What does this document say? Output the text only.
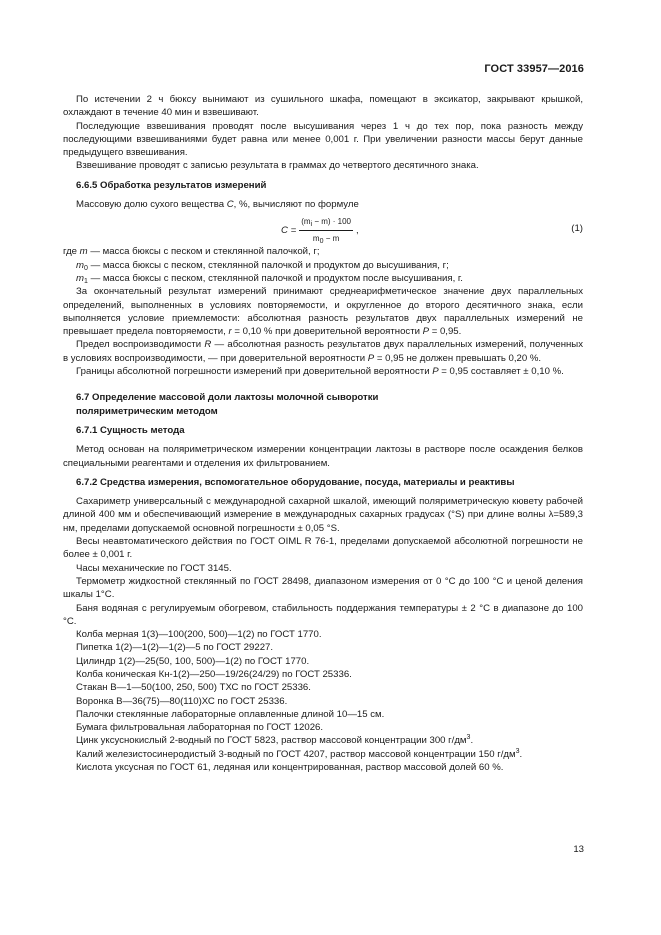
ГОСТ 33957—2016

По истечении 2 ч бюксу вынимают из сушильного шкафа, помещают в эксикатор, закрывают крышкой, охлаждают в течение 40 мин и взвешивают.

Последующие взвешивания проводят после высушивания через 1 ч до тех пор, пока разность между последующими взвешиваниями будет равна или менее 0,001 г. При увеличении разности массы берут данные предыдущего взвешивания.

Взвешивание проводят с записью результата в граммах до четвертого десятичного знака.

6.6.5 Обработка результатов измерений

Массовую долю сухого вещества C, %, вычисляют по формуле

$C = \frac{(m_i - m) \cdot 100}{m_0 - m}$ ,	(1)

где m — масса бюксы с песком и стеклянной палочкой, г;

$m_0$ — масса бюксы с песком, стеклянной палочкой и продуктом до высушивания, г;

$m_1$ — масса бюксы с песком, стеклянной палочкой и продуктом после высушивания, г.

За окончательный результат измерений принимают среднеарифметическое значение двух параллельных определений, выполненных в условиях повторяемости, и округленное до второго десятичного знака, если выполняется условие приемлемости: абсолютная разность результатов двух параллельных измерений не превышает предела повторяемости, r = 0,10 % при доверительной вероятности P = 0,95.

Предел воспроизводимости R — абсолютная разность результатов двух параллельных измерений, полученных в условиях воспроизводимости, — при доверительной вероятности P = 0,95 не должен превышать 0,20 %.

Границы абсолютной погрешности измерений при доверительной вероятности P = 0,95 составляет ± 0,10 %.

6.7 Определение массовой доли лактозы молочной сыворотки
поляриметрическим методом
6.7.1 Сущность метода

Метод основан на поляриметрическом измерении концентрации лактозы в растворе после осаждения белков специальными реагентами и отделения их фильтрованием.

6.7.2 Средства измерения, вспомогательное оборудование, посуда, материалы и реактивы

Сахариметр универсальный с международной сахарной шкалой, имеющий поляриметрическую кювету рабочей длиной 400 мм и обеспечивающий измерение в международных сахарных градусах (°S) при длине волны λ=589,3 нм, пределами допускаемой основной погрешности ± 0,05 °S.

Весы неавтоматического действия по ГОСТ OIML R 76-1, пределами допускаемой абсолютной погрешности не более ± 0,001 г.

Часы механические по ГОСТ 3145.

Термометр жидкостной стеклянный по ГОСТ 28498, диапазоном измерения от 0 °С до 100 °С и ценой деления шкалы 1°С.

Баня водяная с регулируемым обогревом, стабильность поддержания температуры ± 2 °С в диапазоне до 100 °С.

Колба мерная 1(3)—100(200, 500)—1(2) по ГОСТ 1770.

Пипетка 1(2)—1(2)—1(2)—5 по ГОСТ 29227.

Цилиндр 1(2)—25(50, 100, 500)—1(2) по ГОСТ 1770.

Колба коническая Кн-1(2)—250—19/26(24/29) по ГОСТ 25336.

Стакан В—1—50(100, 250, 500) ТХС по ГОСТ 25336.

Воронка В—36(75)—80(110)ХС по ГОСТ 25336.

Палочки стеклянные лабораторные оплавленные длиной 10—15 см.

Бумага фильтровальная лабораторная по ГОСТ 12026.

Цинк уксуснокислый 2-водный по ГОСТ 5823, раствор массовой концентрации 300 $г/дм^3$.

Калий железистосинеродистый 3-водный по ГОСТ 4207, раствор массовой концентрации 150 $г/дм^3$.

Кислота уксусная по ГОСТ 61, ледяная или концентрированная, раствор массовой долей 60 %.

13
